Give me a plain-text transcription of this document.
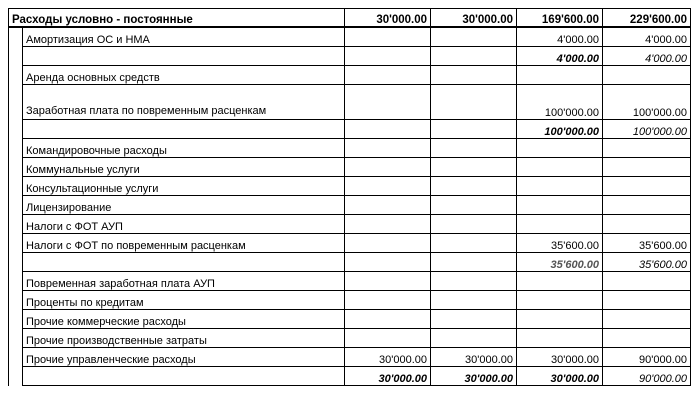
Расходы условно - постоянные		30'000.00	30'000.00	169'600.00	229'600.00
	Амортизация ОС и НМА			4'000.00	4'000.00
				4'000.00	4'000.00
	Аренда основных средств				
	Заработная плата по повременным расценкам			100'000.00	100'000.00
				100'000.00	100'000.00
	Командировочные расходы				
	Коммунальные услуги				
	Консультационные услуги				
	Лицензирование				
	Налоги с ФОТ АУП				
	Налоги с ФОТ по повременным расценкам			35'600.00	35'600.00
				35'600.00	35'600.00
	Повременная заработная плата АУП				
	Проценты по кредитам				
	Прочие коммерческие расходы				
	Прочие производственные затраты				
	Прочие управленческие расходы	30'000.00	30'000.00	30'000.00	90'000.00
		30'000.00	30'000.00	30'000.00	90'000.00
